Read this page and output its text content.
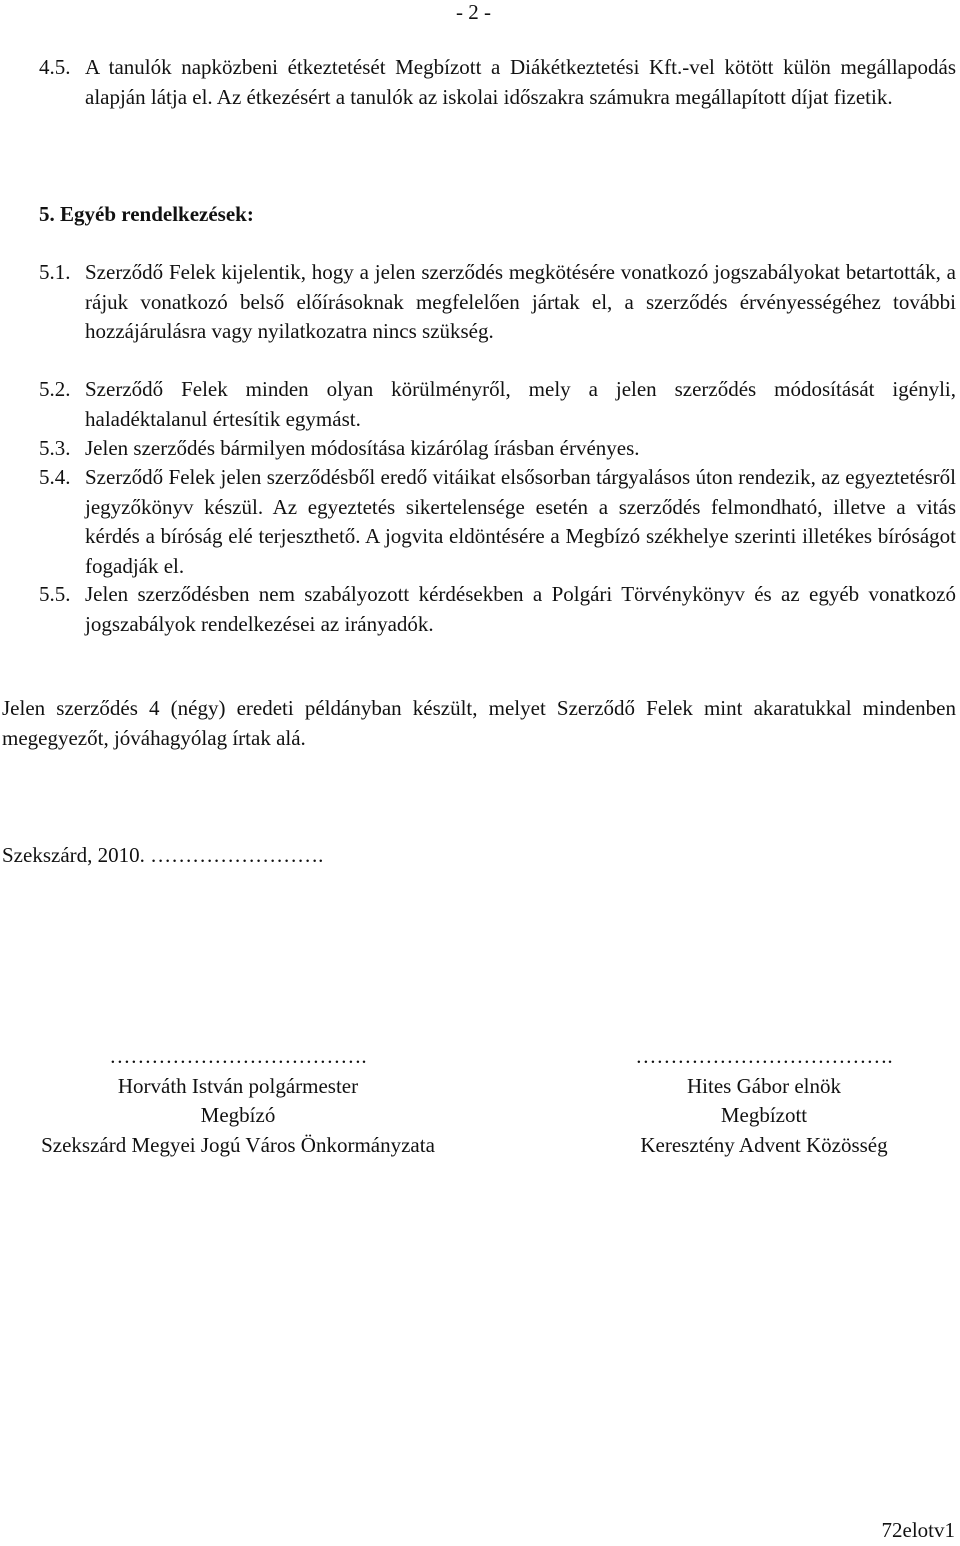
- 2 -
4.5. A tanulók napközbeni étkeztetését Megbízott a Diákétkeztetési Kft.-vel kötött külön megállapodás alapján látja el. Az étkezésért a tanulók az iskolai időszakra számukra megállapított díjat fizetik.
5. Egyéb rendelkezések:
5.1. Szerződő Felek kijelentik, hogy a jelen szerződés megkötésére vonatkozó jogszabályokat betartották, a rájuk vonatkozó belső előírásoknak megfelelően jártak el, a szerződés érvényességéhez további hozzájárulásra vagy nyilatkozatra nincs szükség.
5.2. Szerződő Felek minden olyan körülményről, mely a jelen szerződés módosítását igényli, haladéktalanul értesítik egymást.
5.3. Jelen szerződés bármilyen módosítása kizárólag írásban érvényes.
5.4. Szerződő Felek jelen szerződésből eredő vitáikat elsősorban tárgyalásos úton rendezik, az egyeztetésről jegyzőkönyv készül. Az egyeztetés sikertelensége esetén a szerződés felmondható, illetve a vitás kérdés a bíróság elé terjeszthető. A jogvita eldöntésére a Megbízó székhelye szerinti illetékes bíróságot fogadják el.
5.5. Jelen szerződésben nem szabályozott kérdésekben a Polgári Törvénykönyv és az egyéb vonatkozó jogszabályok rendelkezései az irányadók.
Jelen szerződés 4 (négy) eredeti példányban készült, melyet Szerződő Felek mint akaratukkal mindenben megegyezőt, jóváhagyólag írtak alá.
Szekszárd, 2010. …………………….
……………………………….
Horváth István polgármester
Megbízó
Szekszárd Megyei Jogú Város Önkormányzata
……………………………….
Hites Gábor elnök
Megbízott
Keresztény Advent Közösség
72elotv1
